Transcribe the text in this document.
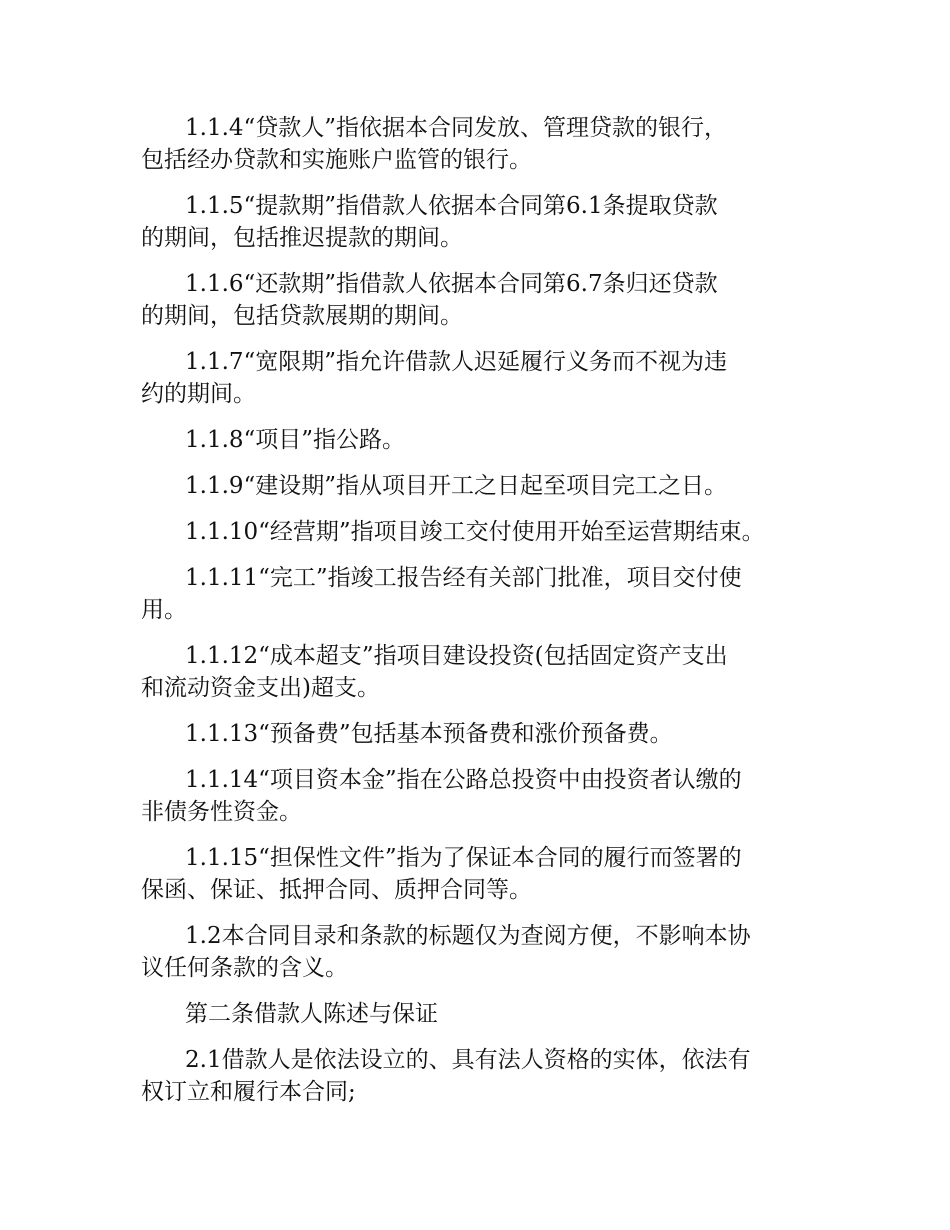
1.1.4“贷款人”指依据本合同发放、管理贷款的银行，
包括经办贷款和实施账户监管的银行。

1.1.5“提款期”指借款人依据本合同第6.1条提取贷款
的期间，包括推迟提款的期间。

1.1.6“还款期”指借款人依据本合同第6.7条归还贷款
的期间，包括贷款展期的期间。

1.1.7“宽限期”指允许借款人迟延履行义务而不视为违
约的期间。

1.1.8“项目”指公路。

1.1.9“建设期”指从项目开工之日起至项目完工之日。

1.1.10“经营期”指项目竣工交付使用开始至运营期结束。

1.1.11“完工”指竣工报告经有关部门批准，项目交付使
用。

1.1.12“成本超支”指项目建设投资(包括固定资产支出
和流动资金支出)超支。

1.1.13“预备费”包括基本预备费和涨价预备费。

1.1.14“项目资本金”指在公路总投资中由投资者认缴的
非债务性资金。

1.1.15“担保性文件”指为了保证本合同的履行而签署的
保函、保证、抵押合同、质押合同等。

1.2本合同目录和条款的标题仅为查阅方便，不影响本协
议任何条款的含义。

第二条借款人陈述与保证

2.1借款人是依法设立的、具有法人资格的实体，依法有
权订立和履行本合同;
